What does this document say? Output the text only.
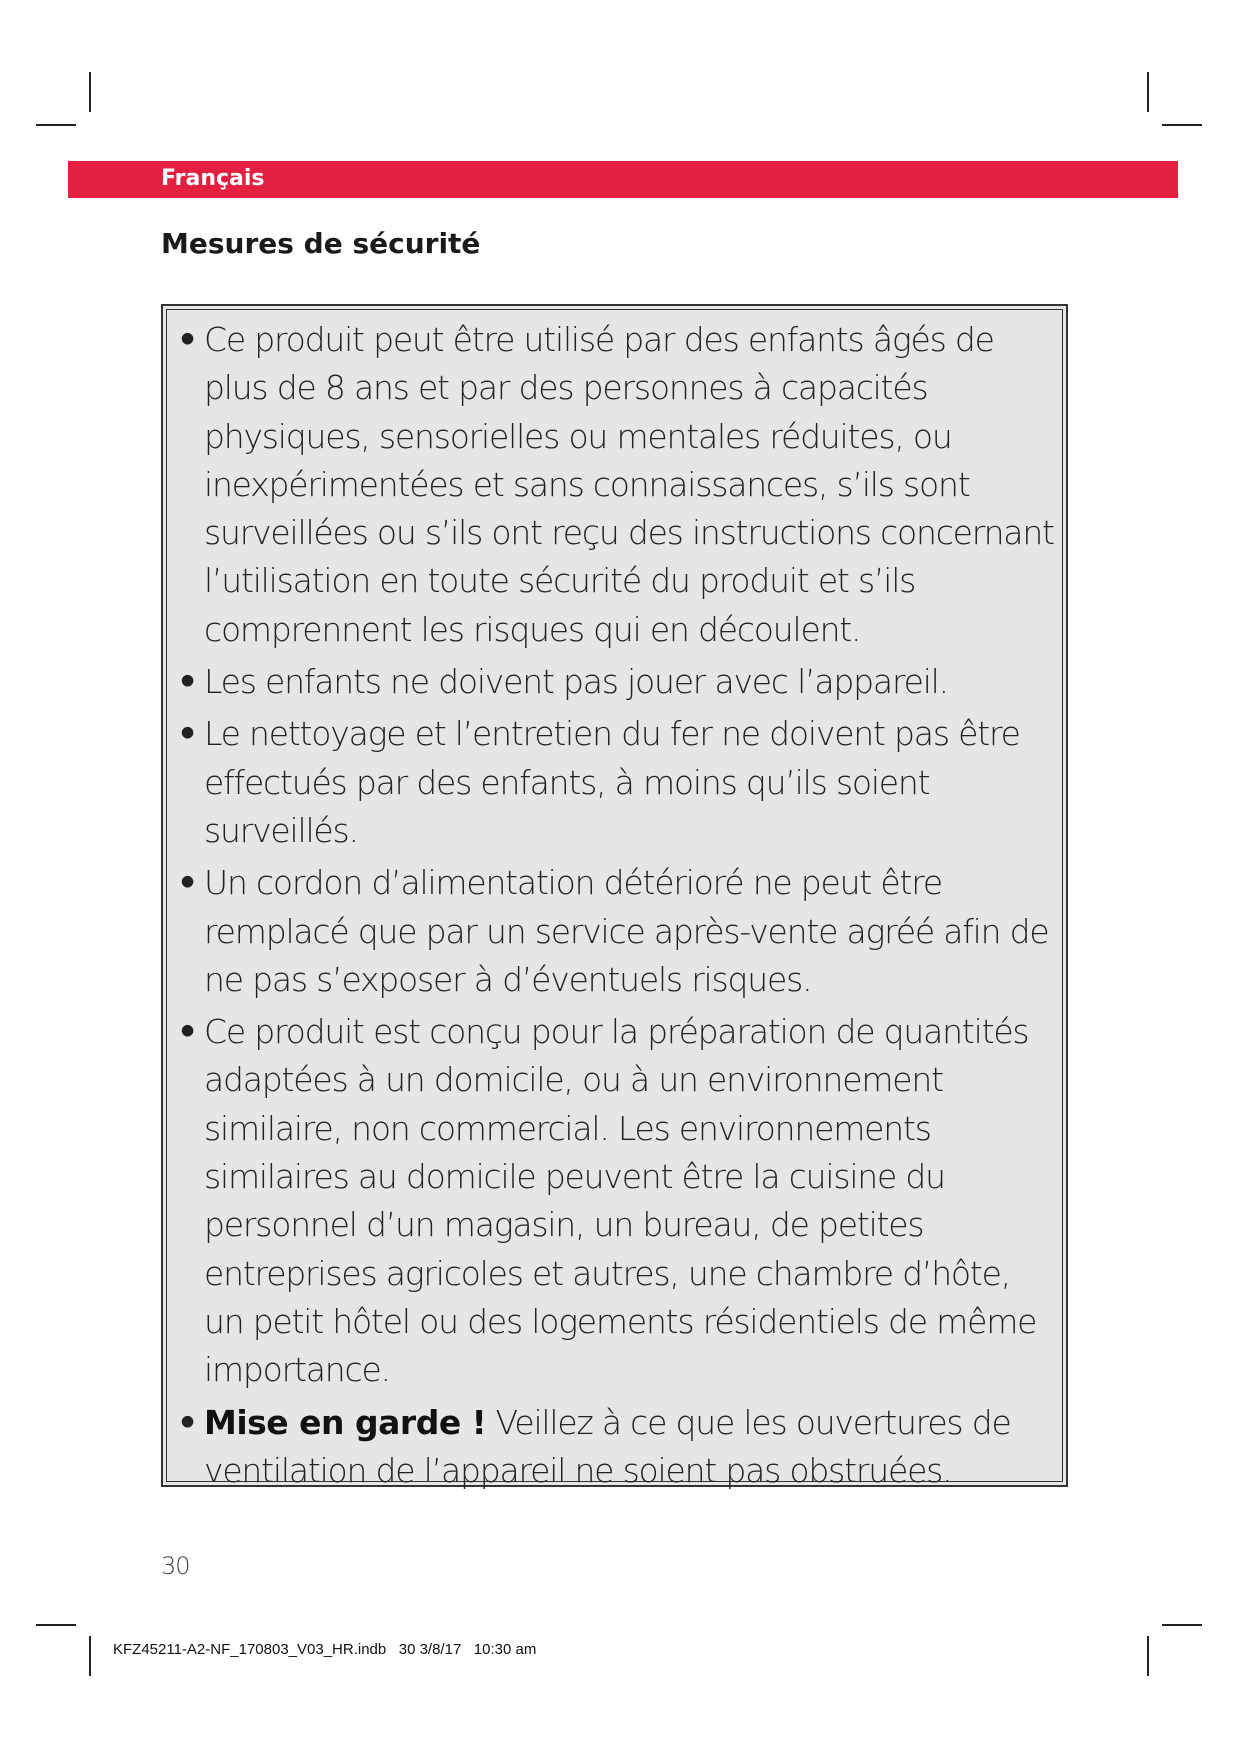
Français
Mesures de sécurité
• Ce produit peut être utilisé par des enfants âgés de plus de 8 ans et par des personnes à capacités physiques, sensorielles ou mentales réduites, ou inexpérimentées et sans connaissances, s’ils sont surveillées ou s’ils ont reçu des instructions concernant l’utilisation en toute sécurité du produit et s’ils comprennent les risques qui en découlent.
• Les enfants ne doivent pas jouer avec l’appareil.
• Le nettoyage et l’entretien du fer ne doivent pas être effectués par des enfants, à moins qu’ils soient surveillés.
• Un cordon d’alimentation détérioré ne peut être remplacé que par un service après-vente agréé afin de ne pas s’exposer à d’éventuels risques.
• Ce produit est conçu pour la préparation de quantités adaptées à un domicile, ou à un environnement similaire, non commercial. Les environnements similaires au domicile peuvent être la cuisine du personnel d’un magasin, un bureau, de petites entreprises agricoles et autres, une chambre d’hôte, un petit hôtel ou des logements résidentiels de même importance.
• Mise en garde ! Veillez à ce que les ouvertures de ventilation de l’appareil ne soient pas obstruées.
30
KFZ45211-A2-NF_170803_V03_HR.indb   30 3/8/17   10:30 am
